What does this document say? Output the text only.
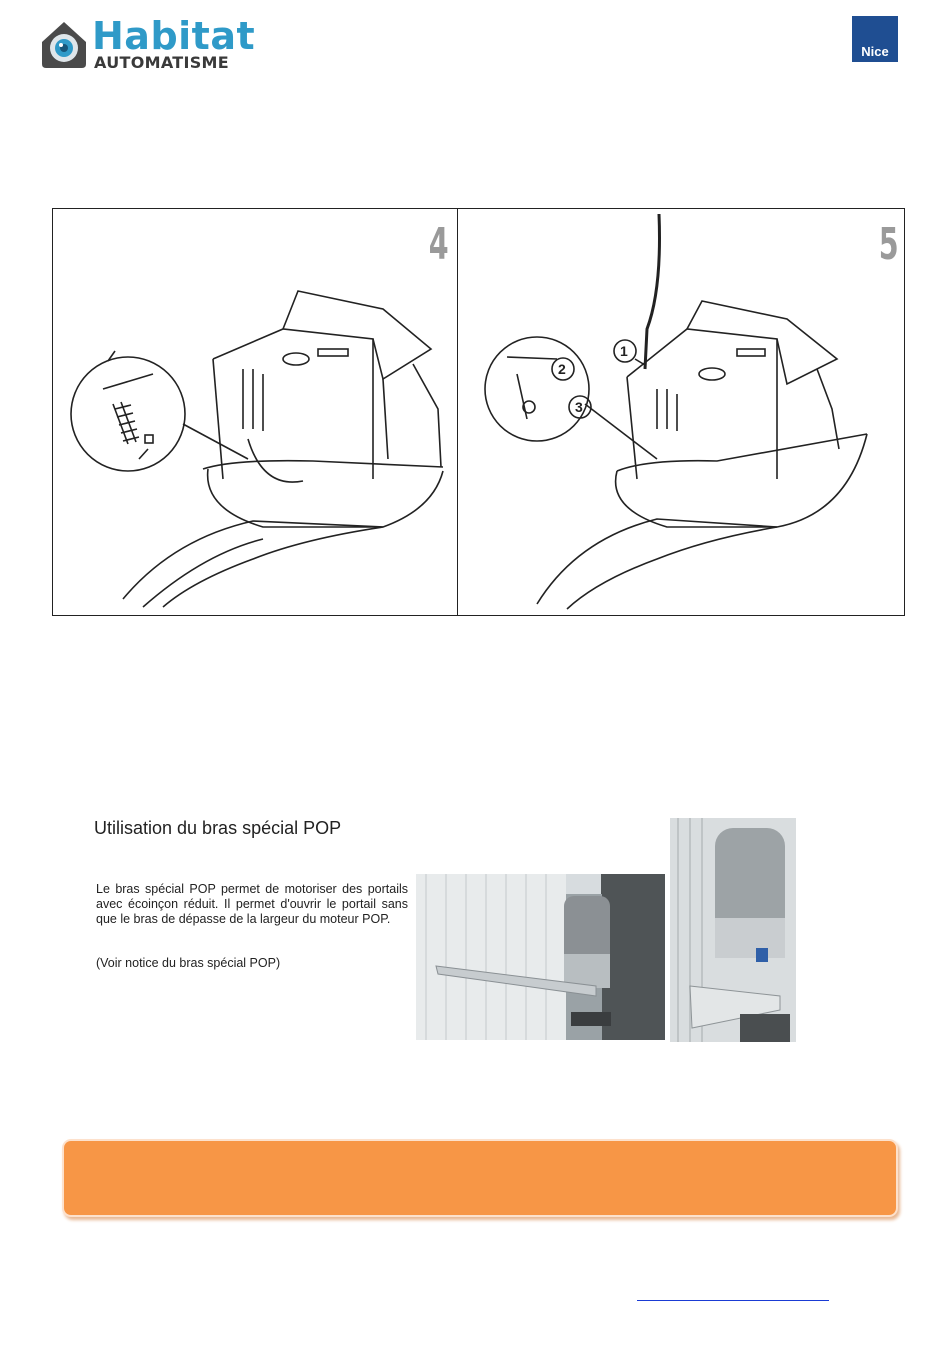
Habitat
AUTOMATISME
Nice
4	5
2
3
1
Utilisation du bras spécial POP
Le bras spécial POP permet de motoriser des portails avec écoinçon réduit. Il permet d'ouvrir le portail sans que le bras de dépasse de la largeur du moteur POP.
(Voir notice du bras spécial POP)
